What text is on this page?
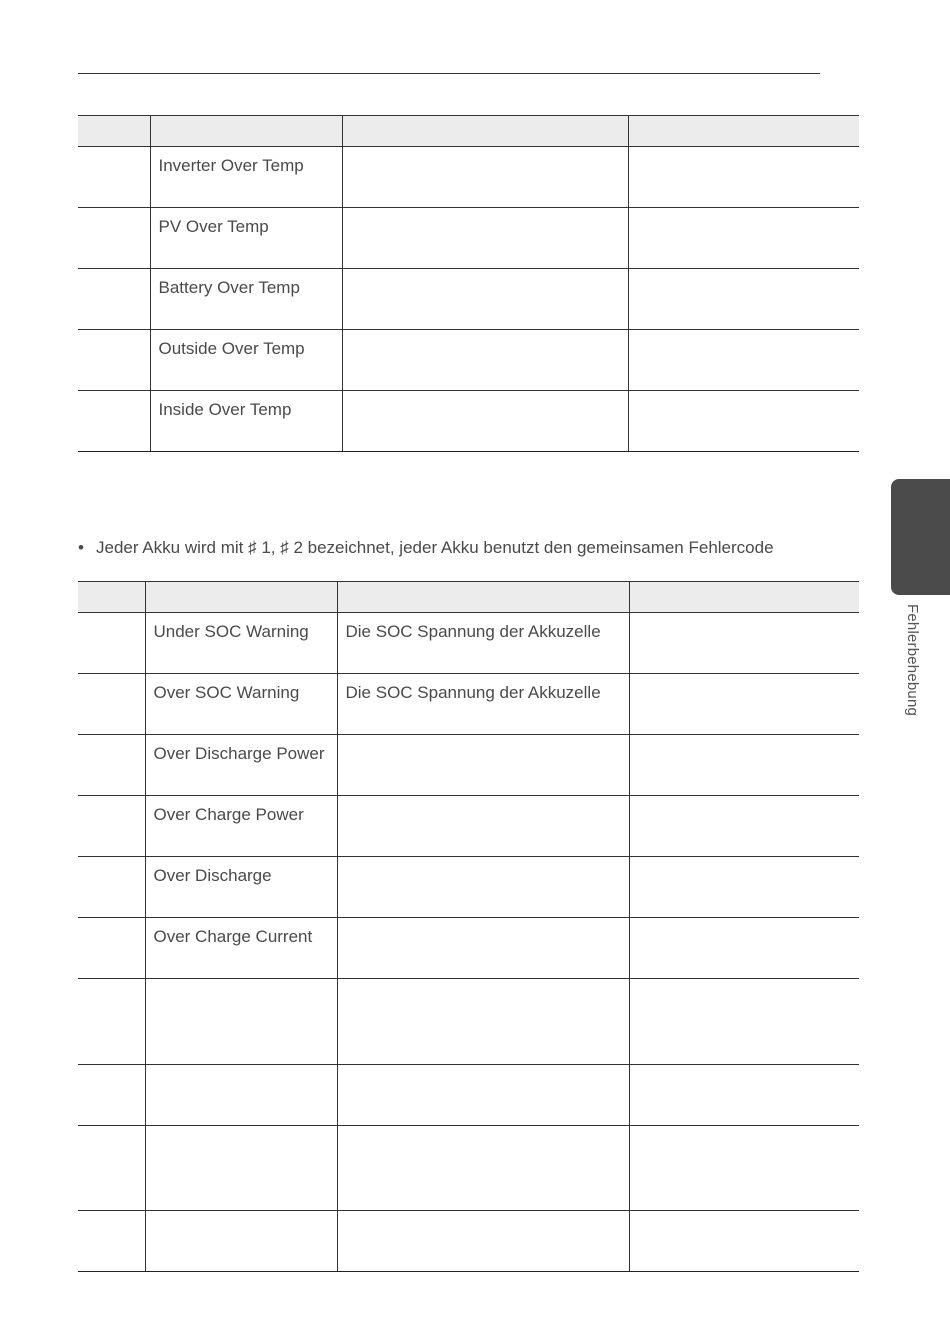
	Inverter Over Temp		
	PV Over Temp		
	Battery Over Temp		
	Outside Over Temp		
	Inside Over Temp		
• Jeder Akku wird mit ♯ 1, ♯ 2 bezeichnet, jeder Akku benutzt den gemeinsamen Fehlercode

	Under SOC Warning	Die SOC Spannung der Akkuzelle	
	Over SOC Warning	Die SOC Spannung der Akkuzelle	
	Over Discharge Power		
	Over Charge Power		
	Over Discharge		
	Over Charge Current		

Fehlerbehebung
